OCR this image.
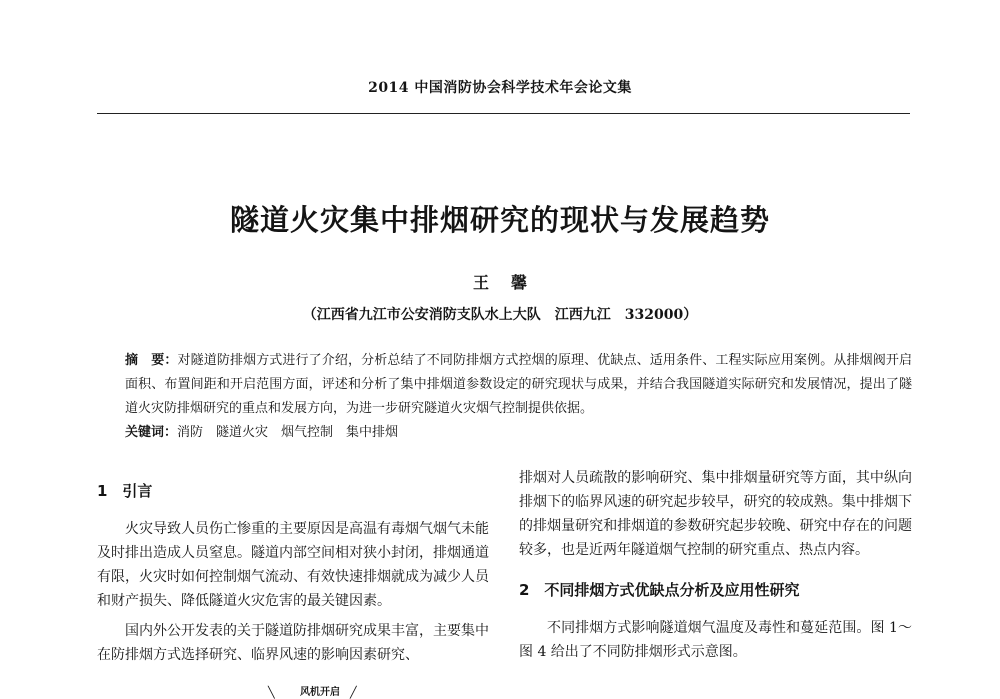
2014 中国消防协会科学技术年会论文集
隧道火灾集中排烟研究的现状与发展趋势
王馨
（江西省九江市公安消防支队水上大队　江西九江　332000）
摘　要：对隧道防排烟方式进行了介绍，分析总结了不同防排烟方式控烟的原理、优缺点、适用条件、工程实际应用案例。从排烟阀开启面积、布置间距和开启范围方面，评述和分析了集中排烟道参数设定的研究现状与成果，并结合我国隧道实际研究和发展情况，提出了隧道火灾防排烟研究的重点和发展方向，为进一步研究隧道火灾烟气控制提供依据。
关键词：消防　隧道火灾　烟气控制　集中排烟
1　引言

火灾导致人员伤亡惨重的主要原因是高温有毒烟气烟气未能及时排出造成人员窒息。隧道内部空间相对狭小封闭，排烟通道有限，火灾时如何控制烟气流动、有效快速排烟就成为减少人员和财产损失、降低隧道火灾危害的最关键因素。

国内外公开发表的关于隧道防排烟研究成果丰富，主要集中在防排烟方式选择研究、临界风速的影响因素研究、

排烟对人员疏散的影响研究、集中排烟量研究等方面，其中纵向排烟下的临界风速的研究起步较早，研究的较成熟。集中排烟下的排烟量研究和排烟道的参数研究起步较晚、研究中存在的问题较多，也是近两年隧道烟气控制的研究重点、热点内容。

2　不同排烟方式优缺点分析及应用性研究

不同排烟方式影响隧道烟气温度及毒性和蔓延范围。图 1～图 4 给出了不同防排烟形式示意图。

╲	风机开启 ╱
